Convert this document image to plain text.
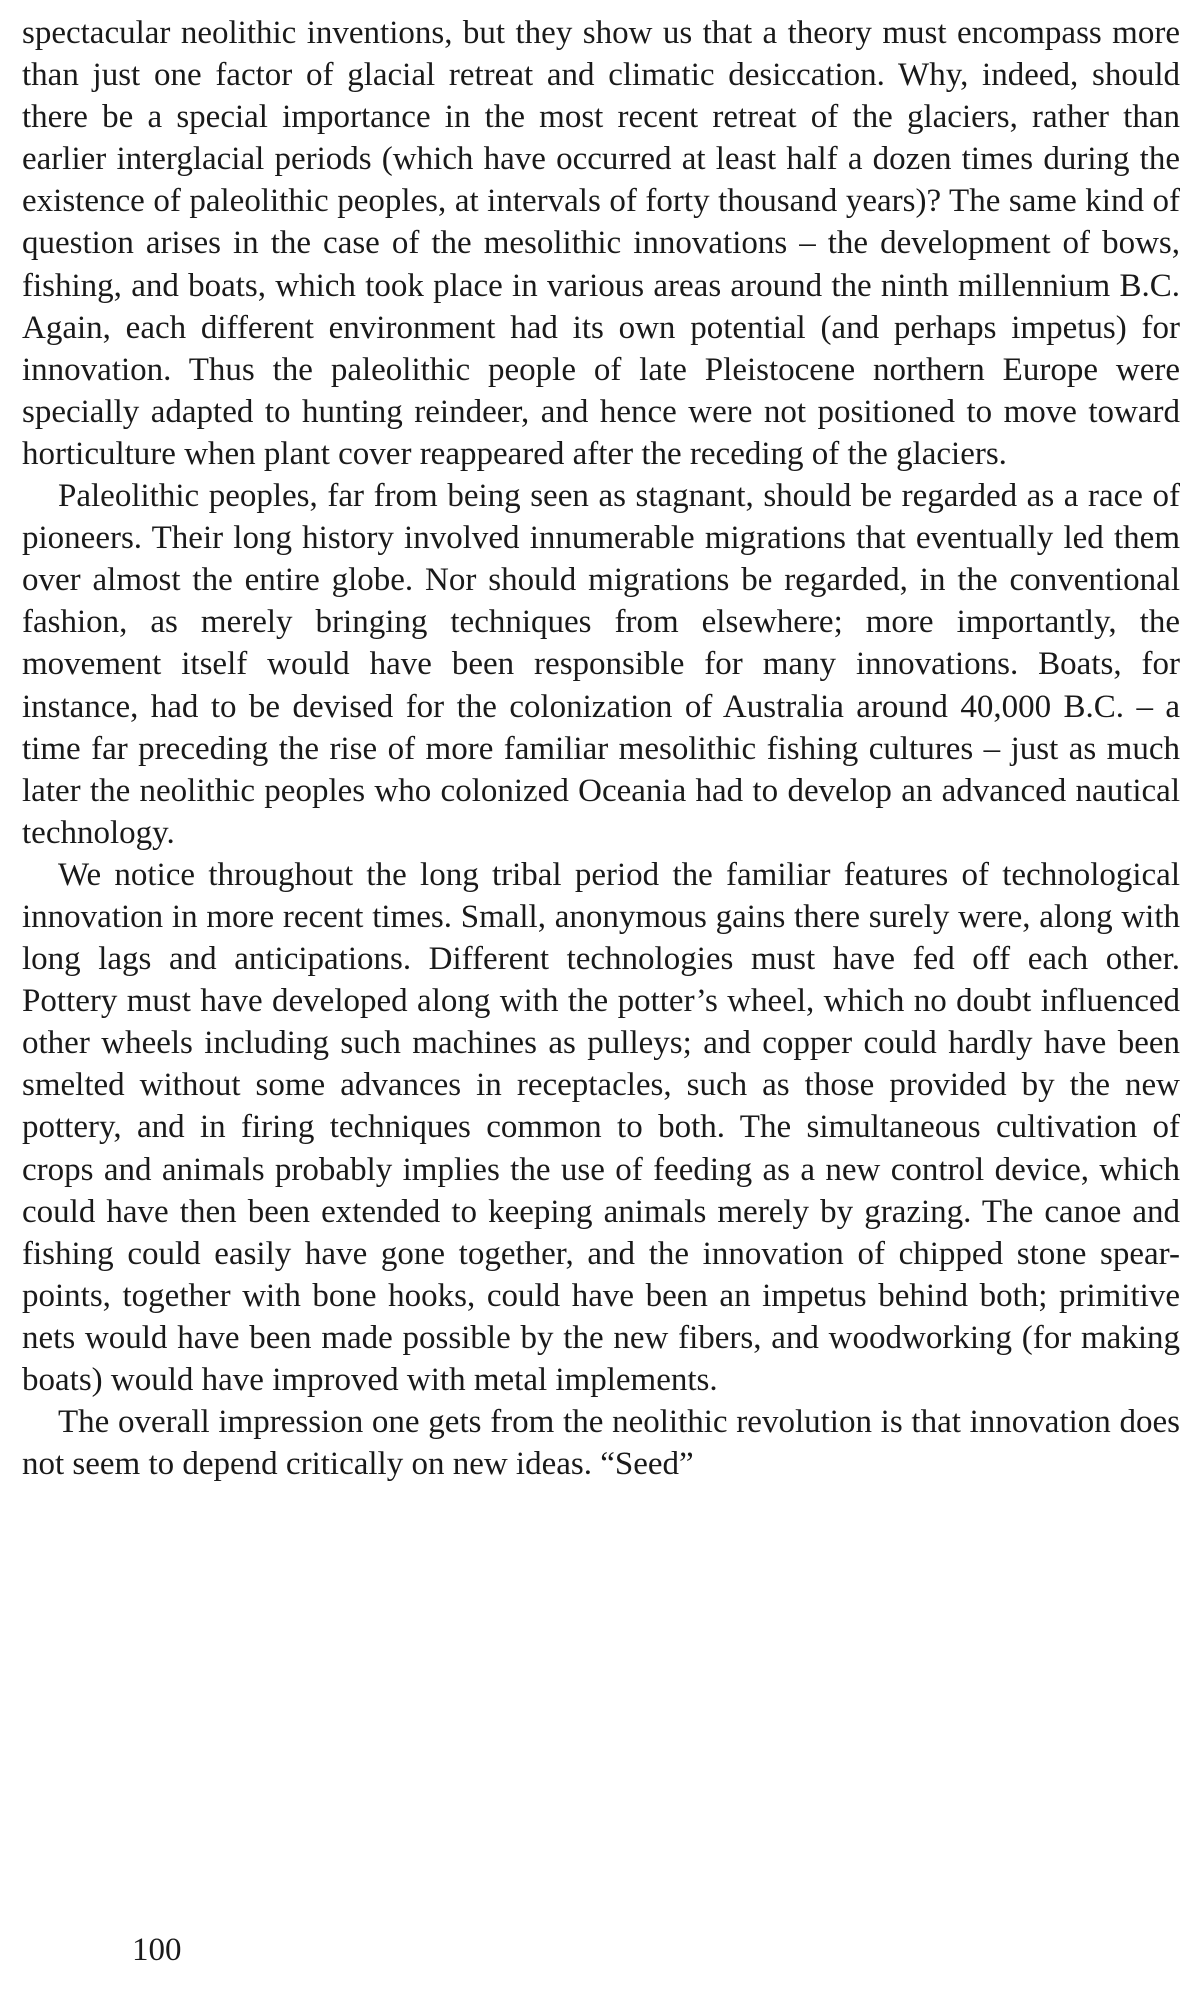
spectacular neolithic inventions, but they show us that a theory must encompass more than just one factor of glacial retreat and climatic desiccation. Why, indeed, should there be a special importance in the most recent retreat of the glaciers, rather than earlier interglacial periods (which have occurred at least half a dozen times during the existence of paleolithic peoples, at intervals of forty thousand years)? The same kind of question arises in the case of the mesolithic innovations – the development of bows, fishing, and boats, which took place in various areas around the ninth millennium B.C. Again, each different environment had its own potential (and perhaps impetus) for innovation. Thus the paleolithic people of late Pleistocene northern Europe were specially adapted to hunting reindeer, and hence were not positioned to move toward horticulture when plant cover reappeared after the receding of the glaciers.

Paleolithic peoples, far from being seen as stagnant, should be regarded as a race of pioneers. Their long history involved innumerable migrations that eventually led them over almost the entire globe. Nor should migrations be regarded, in the conventional fashion, as merely bringing techniques from elsewhere; more importantly, the movement itself would have been responsible for many innovations. Boats, for instance, had to be devised for the colonization of Australia around 40,000 B.C. – a time far preceding the rise of more familiar mesolithic fishing cultures – just as much later the neolithic peoples who colonized Oceania had to develop an advanced nautical technology.

We notice throughout the long tribal period the familiar features of technological innovation in more recent times. Small, anonymous gains there surely were, along with long lags and anticipations. Different technologies must have fed off each other. Pottery must have developed along with the potter’s wheel, which no doubt influenced other wheels including such machines as pulleys; and copper could hardly have been smelted without some advances in receptacles, such as those provided by the new pottery, and in firing techniques common to both. The simultaneous cultivation of crops and animals probably implies the use of feeding as a new control device, which could have then been extended to keeping animals merely by grazing. The canoe and fishing could easily have gone together, and the innovation of chipped stone spear-points, together with bone hooks, could have been an impetus behind both; primitive nets would have been made possible by the new fibers, and woodworking (for making boats) would have improved with metal implements.

The overall impression one gets from the neolithic revolution is that innovation does not seem to depend critically on new ideas. “Seed”

100
